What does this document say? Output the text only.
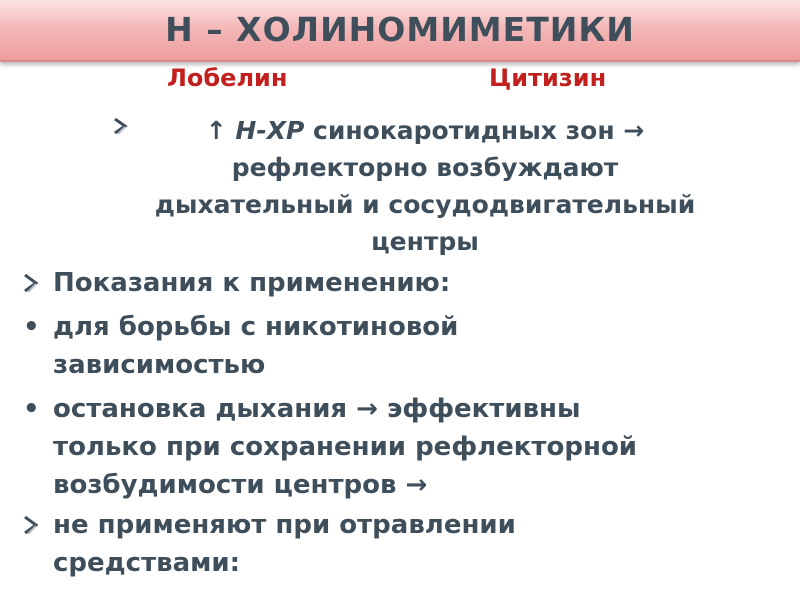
Н – ХОЛИНОМИМЕТИКИ
Лобелин	Цитизин
↑ Н-ХР синокаротидных зон →
рефлекторно возбуждают
дыхательный и сосудодвигательный
центры
Показания к применению:
• для борьбы с никотиновой
зависимостью
• остановка дыхания → эффективны
только при сохранении рефлекторной
возбудимости центров →
не применяют при отравлении
средствами:
